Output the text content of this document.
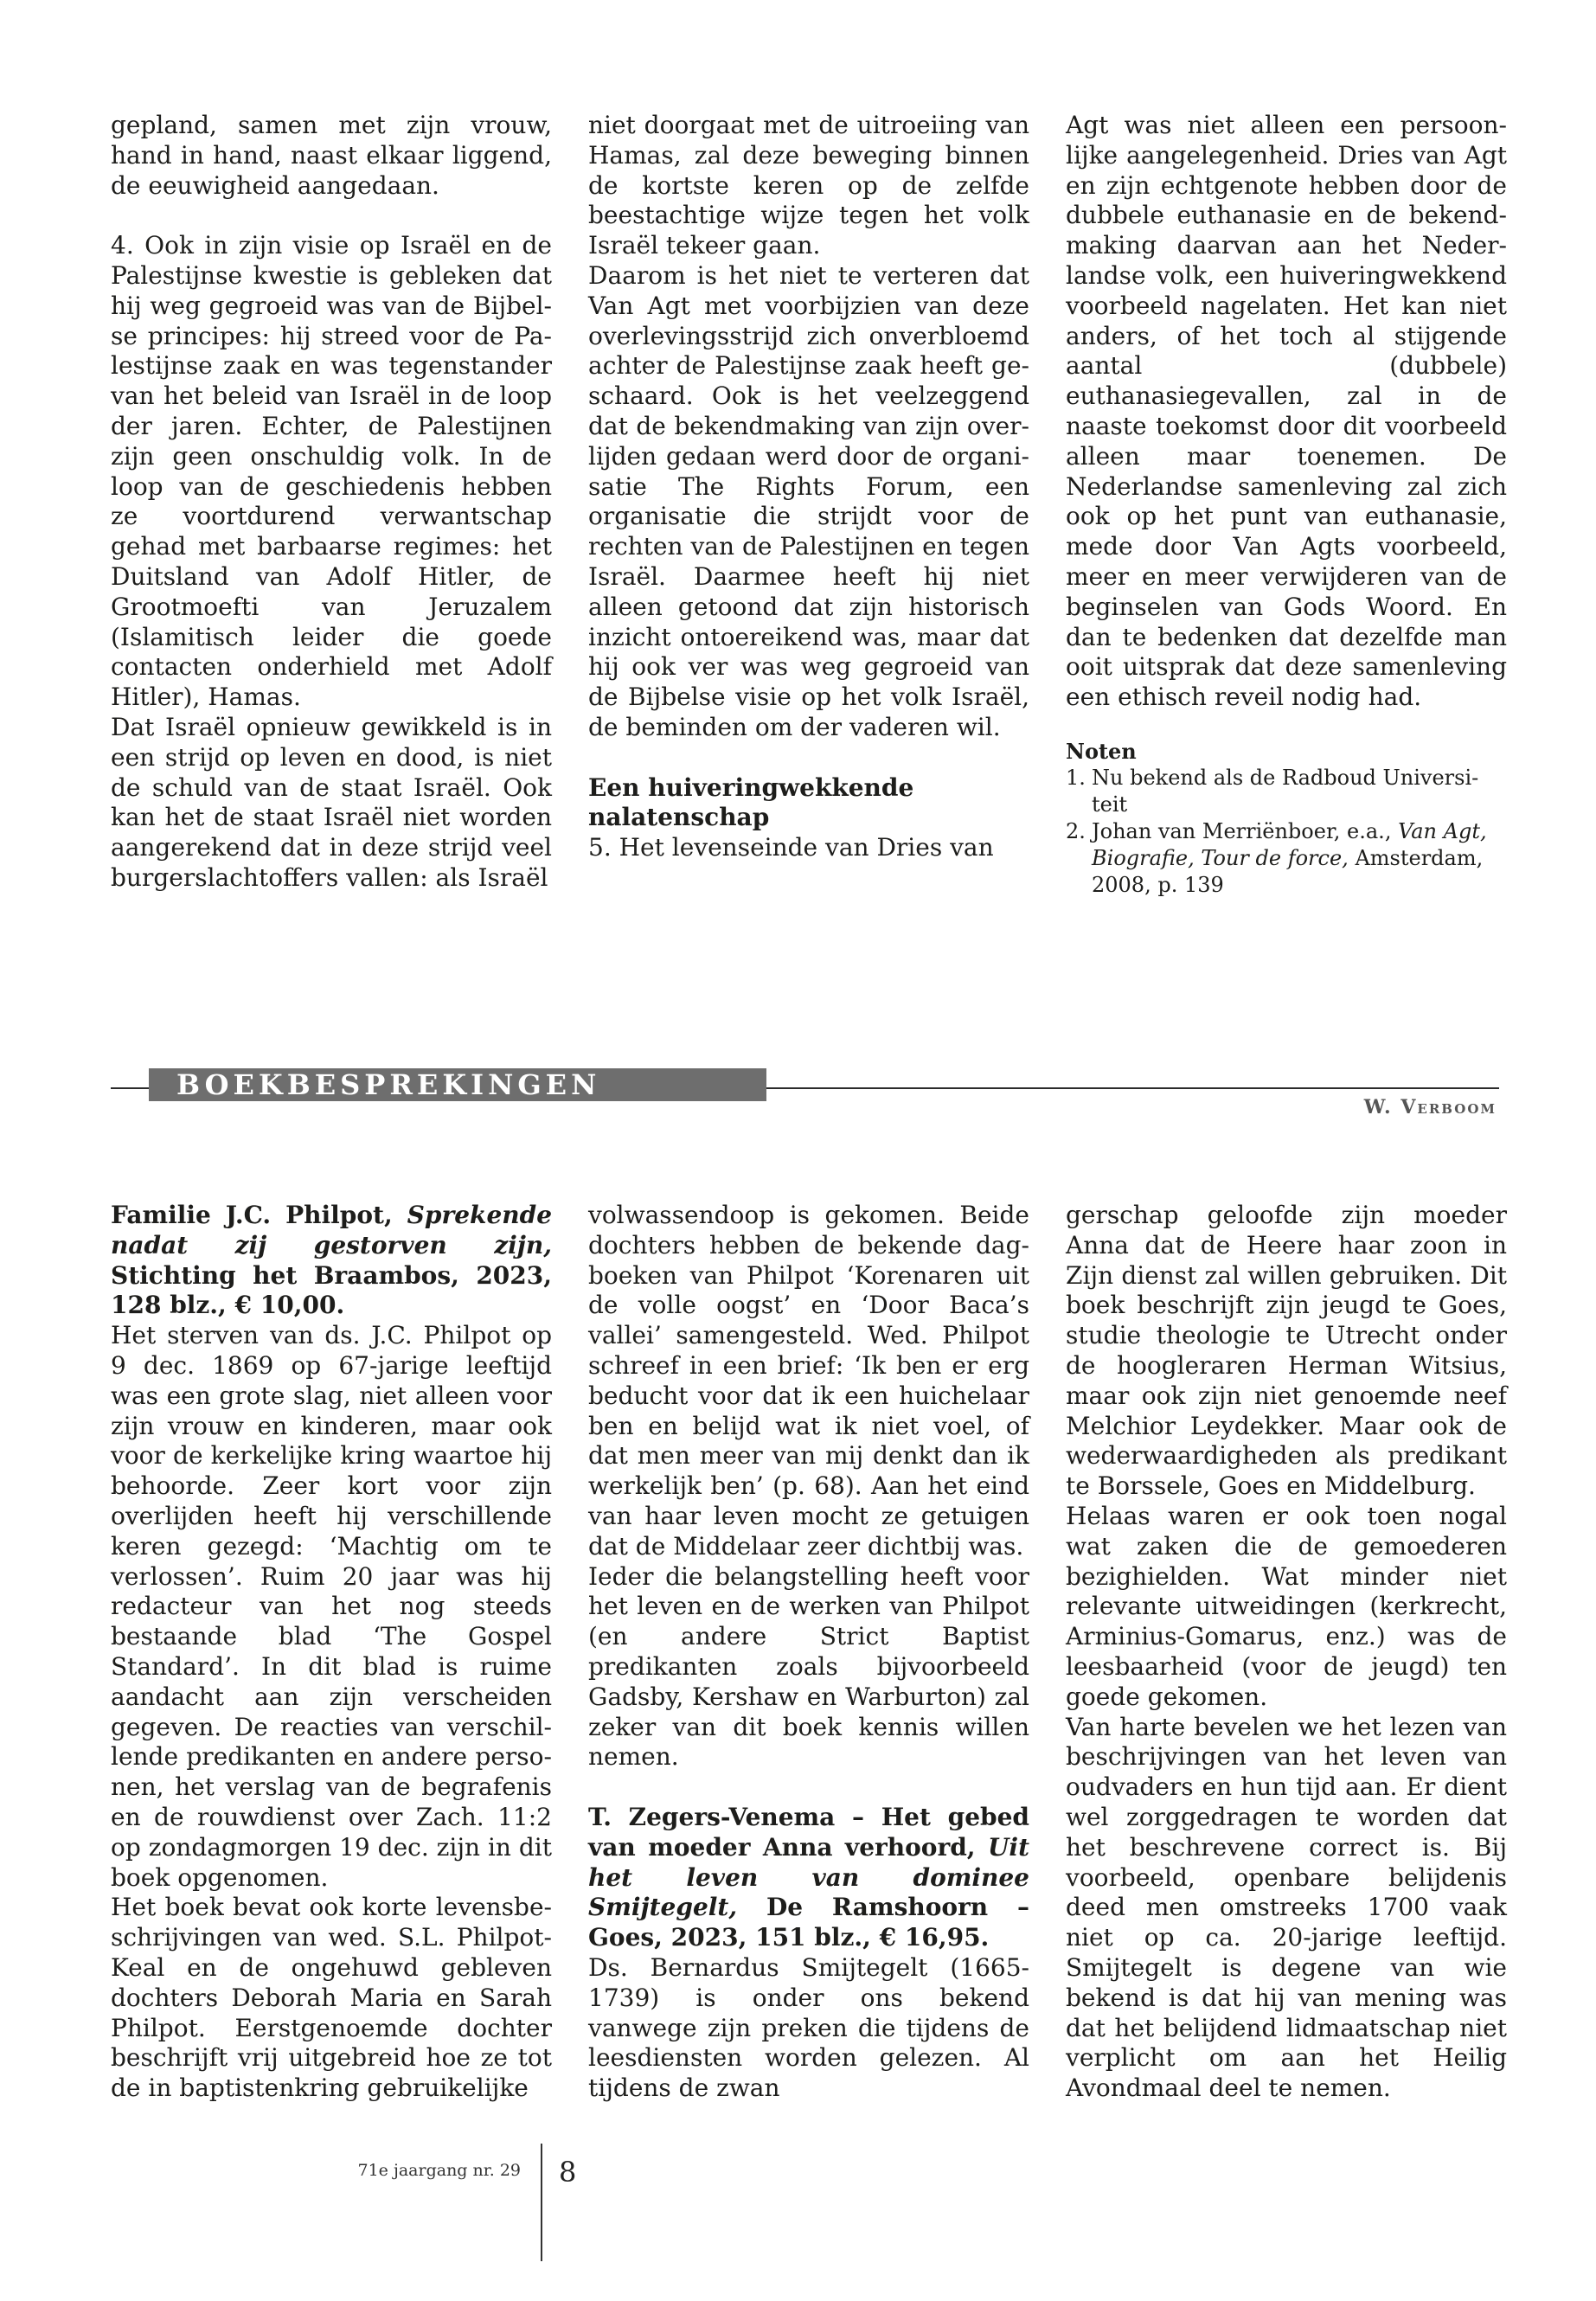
gepland, samen met zijn vrouw, hand in hand, naast elkaar liggend, de eeuwigheid aangedaan.

4. Ook in zijn visie op Israël en de Palestijnse kwestie is gebleken dat hij weg gegroeid was van de Bijbelse principes: hij streed voor de Palestijnse zaak en was tegenstander van het beleid van Israël in de loop der jaren. Echter, de Palestijnen zijn geen onschuldig volk. In de loop van de geschiedenis hebben ze voortdurend verwantschap gehad met barbaarse regimes: het Duitsland van Adolf Hitler, de Grootmoefti van Jeruzalem (Islamitisch leider die goede contacten onderhield met Adolf Hitler), Hamas.

Dat Israël opnieuw gewikkeld is in een strijd op leven en dood, is niet de schuld van de staat Israël. Ook kan het de staat Israël niet worden aangerekend dat in deze strijd veel burgerslachtoffers vallen: als Israël

niet doorgaat met de uitroeiing van Hamas, zal deze beweging binnen de kortste keren op de zelfde beestachtige wijze tegen het volk Israël tekeer gaan.

Daarom is het niet te verteren dat Van Agt met voorbijzien van deze overlevingsstrijd zich onverbloemd achter de Palestijnse zaak heeft geschaard. Ook is het veelzeggend dat de bekendmaking van zijn overlijden gedaan werd door de organisatie The Rights Forum, een organisatie die strijdt voor de rechten van de Palestijnen en tegen Israël. Daarmee heeft hij niet alleen getoond dat zijn historisch inzicht ontoereikend was, maar dat hij ook ver was weg gegroeid van de Bijbelse visie op het volk Israël, de beminden om der vaderen wil.

Een huiveringwekkende nalatenschap

5. Het levenseinde van Dries van

Agt was niet alleen een persoonlijke aangelegenheid. Dries van Agt en zijn echtgenote hebben door de dubbele euthanasie en de bekendmaking daarvan aan het Nederlandse volk, een huiveringwekkend voorbeeld nagelaten. Het kan niet anders, of het toch al stijgende aantal (dubbele) euthanasiegevallen, zal in de naaste toekomst door dit voorbeeld alleen maar toenemen. De Nederlandse samenleving zal zich ook op het punt van euthanasie, mede door Van Agts voorbeeld, meer en meer verwijderen van de beginselen van Gods Woord. En dan te bedenken dat dezelfde man ooit uitsprak dat deze samenleving een ethisch reveil nodig had.

Noten

1. Nu bekend als de Radboud Universiteit

2. Johan van Merriënboer, e.a., Van Agt, Biografie, Tour de force, Amsterdam, 2008, p. 139

BOEKBESPREKINGEN
W. Verboom

Familie J.C. Philpot, Sprekende nadat zij gestorven zijn, Stichting het Braambos, 2023, 128 blz., € 10,00.

Het sterven van ds. J.C. Philpot op 9 dec. 1869 op 67-jarige leeftijd was een grote slag, niet alleen voor zijn vrouw en kinderen, maar ook voor de kerkelijke kring waartoe hij behoorde. Zeer kort voor zijn overlijden heeft hij verschillende keren gezegd: ‘Machtig om te verlossen’. Ruim 20 jaar was hij redacteur van het nog steeds bestaande blad ‘The Gospel Standard’. In dit blad is ruime aandacht aan zijn verscheiden gegeven. De reacties van verschillende predikanten en andere personen, het verslag van de begrafenis en de rouwdienst over Zach. 11:2 op zondagmorgen 19 dec. zijn in dit boek opgenomen.

Het boek bevat ook korte levensbeschrijvingen van wed. S.L. Philpot-Keal en de ongehuwd gebleven dochters Deborah Maria en Sarah Philpot. Eerstgenoemde dochter beschrijft vrij uitgebreid hoe ze tot de in baptistenkring gebruikelijke

volwassendoop is gekomen. Beide dochters hebben de bekende dagboeken van Philpot ‘Korenaren uit de volle oogst’ en ‘Door Baca’s vallei’ samengesteld. Wed. Philpot schreef in een brief: ‘Ik ben er erg beducht voor dat ik een huichelaar ben en belijd wat ik niet voel, of dat men meer van mij denkt dan ik werkelijk ben’ (p. 68). Aan het eind van haar leven mocht ze getuigen dat de Middelaar zeer dichtbij was.

Ieder die belangstelling heeft voor het leven en de werken van Philpot (en andere Strict Baptist predikanten zoals bijvoorbeeld Gadsby, Kershaw en Warburton) zal zeker van dit boek kennis willen nemen.

T. Zegers-Venema – Het gebed van moeder Anna verhoord, Uit het leven van dominee Smijtegelt, De Ramshoorn – Goes, 2023, 151 blz., € 16,95.

Ds. Bernardus Smijtegelt (1665-1739) is onder ons bekend vanwege zijn preken die tijdens de leesdiensten worden gelezen. Al tijdens de zwan

gerschap geloofde zijn moeder Anna dat de Heere haar zoon in Zijn dienst zal willen gebruiken. Dit boek beschrijft zijn jeugd te Goes, studie theologie te Utrecht onder de hoogleraren Herman Witsius, maar ook zijn niet genoemde neef Melchior Leydekker. Maar ook de wederwaardigheden als predikant te Borssele, Goes en Middelburg.

Helaas waren er ook toen nogal wat zaken die de gemoederen bezighielden. Wat minder niet relevante uitweidingen (kerkrecht, Arminius-Gomarus, enz.) was de leesbaarheid (voor de jeugd) ten goede gekomen.

Van harte bevelen we het lezen van beschrijvingen van het leven van oudvaders en hun tijd aan. Er dient wel zorggedragen te worden dat het beschrevene correct is. Bij voorbeeld, openbare belijdenis deed men omstreeks 1700 vaak niet op ca. 20-jarige leeftijd. Smijtegelt is degene van wie bekend is dat hij van mening was dat het belijdend lidmaatschap niet verplicht om aan het Heilig Avondmaal deel te nemen.

71e jaargang nr. 29 8
